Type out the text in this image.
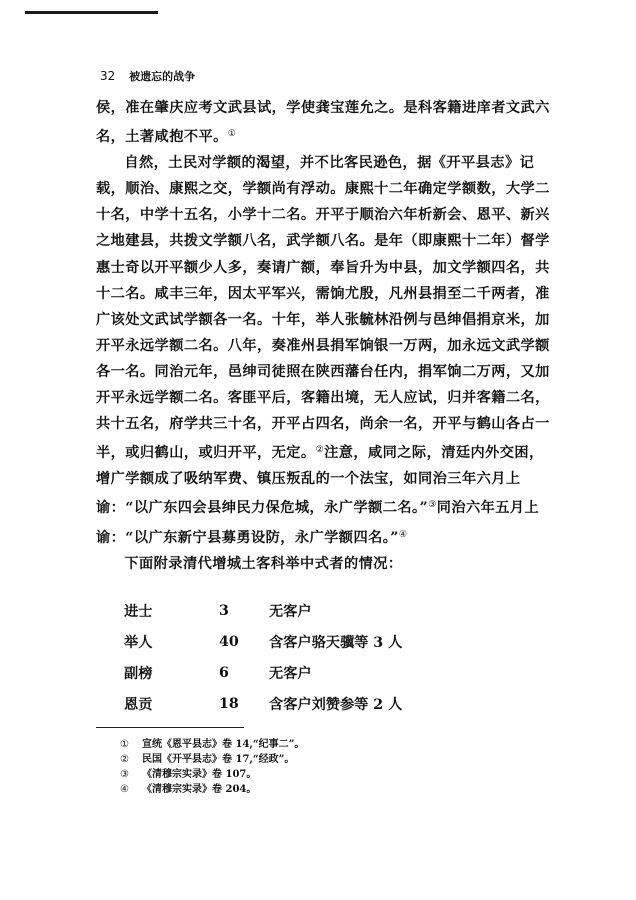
32 被遗忘的战争

侯，准在肇庆应考文武县试，学使龚宝莲允之。是科客籍进庠者文武六名，土著咸抱不平。①

自然，土民对学额的渴望，并不比客民逊色，据《开平县志》记载，顺治、康熙之交，学额尚有浮动。康熙十二年确定学额数，大学二十名，中学十五名，小学十二名。开平于顺治六年析新会、恩平、新兴之地建县，共拨文学额八名，武学额八名。是年（即康熙十二年）督学惠士奇以开平额少人多，奏请广额，奉旨升为中县，加文学额四名，共十二名。咸丰三年，因太平军兴，需饷尤殷，凡州县捐至二千两者，准广该处文武试学额各一名。十年，举人张毓林沿例与邑绅倡捐京米，加开平永远学额二名。八年，奏准州县捐军饷银一万两，加永远文武学额各一名。同治元年，邑绅司徒照在陕西藩台任内，捐军饷二万两，又加开平永远学额二名。客匪平后，客籍出境，无人应试，归并客籍二名，共十五名，府学共三十名，开平占四名，尚余一名，开平与鹤山各占一半，或归鹤山，或归开平，无定。②注意，咸同之际，清廷内外交困，增广学额成了吸纳军费、镇压叛乱的一个法宝，如同治三年六月上谕：“以广东四会县绅民力保危城，永广学额二名。”③同治六年五月上谕：“以广东新宁县募勇设防，永广学额四名。”④

下面附录清代增城土客科举中式者的情况：

进士	3	无客户
举人	40	含客户骆天骥等 3 人
副榜	6	无客户
恩贡	18	含客户刘赞参等 2 人
①	宣统《恩平县志》卷 14,“纪事二”。
②	民国《开平县志》卷 17,“经政”。
③	《清穆宗实录》卷 107。
④	《清穆宗实录》卷 204。
